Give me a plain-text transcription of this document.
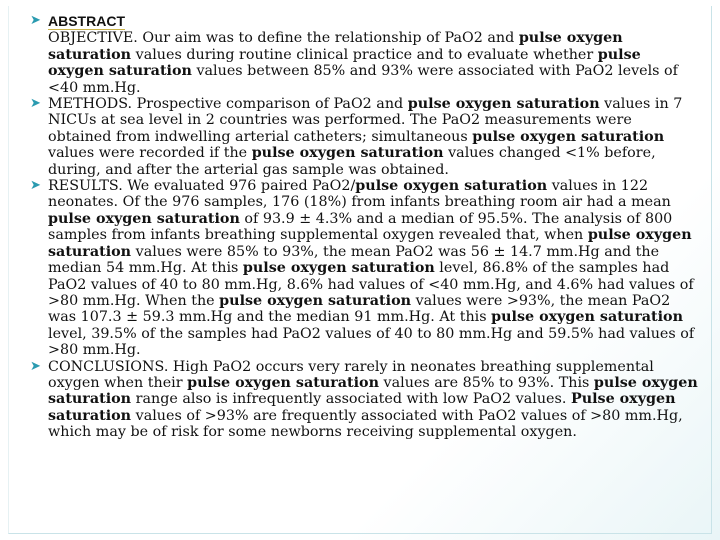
➤ ABSTRACT

OBJECTIVE. Our aim was to define the relationship of PaO2 and pulse oxygen saturation values during routine clinical practice and to evaluate whether pulse oxygen saturation values between 85% and 93% were associated with PaO2 levels of <40 mm.Hg.

➤ METHODS. Prospective comparison of PaO2 and pulse oxygen saturation values in 7 NICUs at sea level in 2 countries was performed. The PaO2 measurements were obtained from indwelling arterial catheters; simultaneous pulse oxygen saturation values were recorded if the pulse oxygen saturation values changed <1% before, during, and after the arterial gas sample was obtained.

➤ RESULTS. We evaluated 976 paired PaO2/pulse oxygen saturation values in 122 neonates. Of the 976 samples, 176 (18%) from infants breathing room air had a mean pulse oxygen saturation of 93.9 ± 4.3% and a median of 95.5%. The analysis of 800 samples from infants breathing supplemental oxygen revealed that, when pulse oxygen saturation values were 85% to 93%, the mean PaO2 was 56 ± 14.7 mm.Hg and the median 54 mm.Hg. At this pulse oxygen saturation level, 86.8% of the samples had PaO2 values of 40 to 80 mm.Hg, 8.6% had values of <40 mm.Hg, and 4.6% had values of >80 mm.Hg. When the pulse oxygen saturation values were >93%, the mean PaO2 was 107.3 ± 59.3 mm.Hg and the median 91 mm.Hg. At this pulse oxygen saturation level, 39.5% of the samples had PaO2 values of 40 to 80 mm.Hg and 59.5% had values of >80 mm.Hg.

➤ CONCLUSIONS. High PaO2 occurs very rarely in neonates breathing supplemental oxygen when their pulse oxygen saturation values are 85% to 93%. This pulse oxygen saturation range also is infrequently associated with low PaO2 values. Pulse oxygen saturation values of >93% are frequently associated with PaO2 values of >80 mm.Hg, which may be of risk for some newborns receiving supplemental oxygen.
